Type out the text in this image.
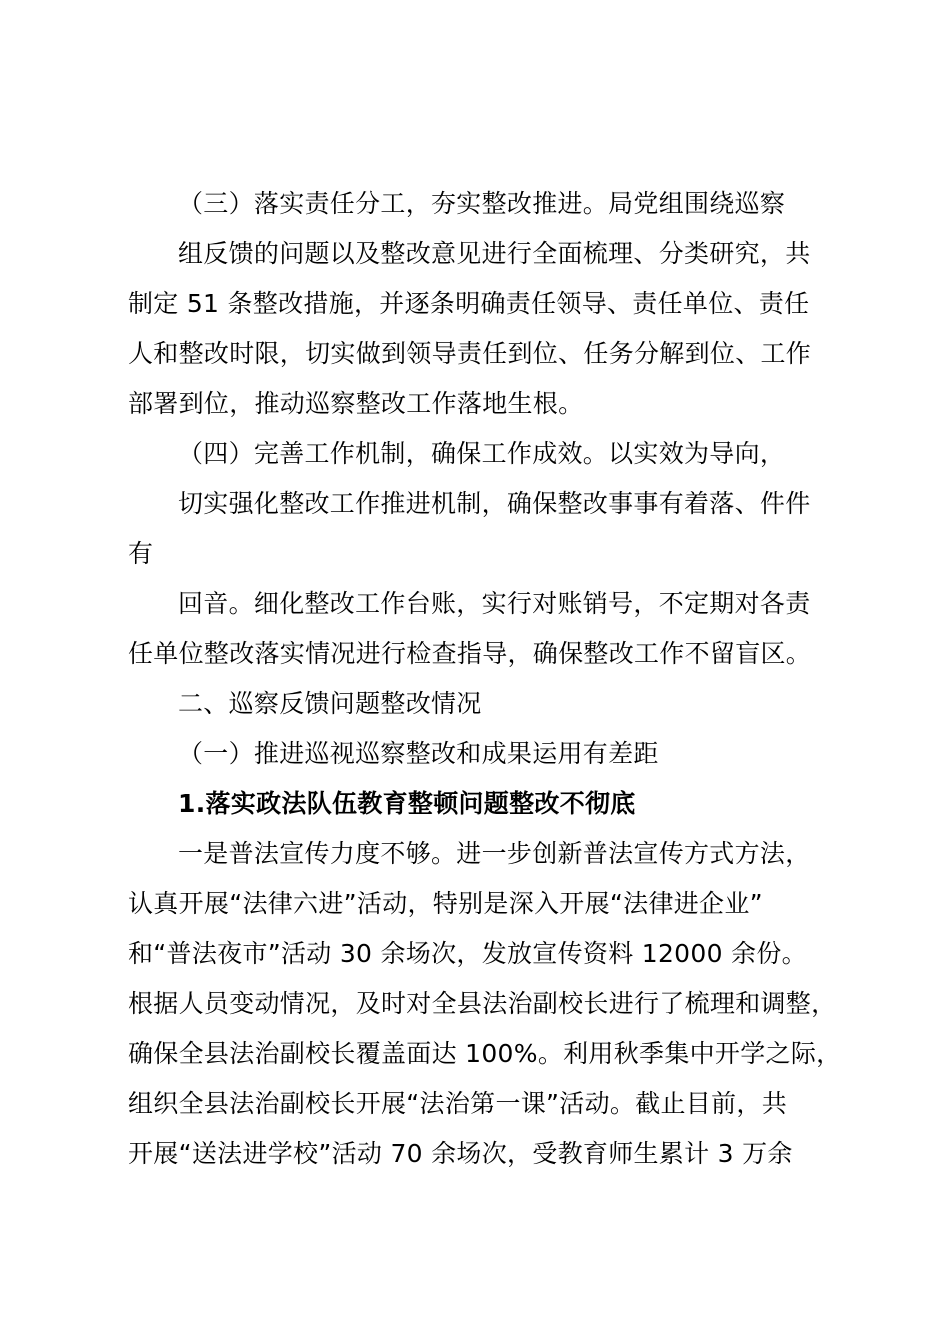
（三）落实责任分工，夯实整改推进。局党组围绕巡察
组反馈的问题以及整改意见进行全面梳理、分类研究，共
制定 51 条整改措施，并逐条明确责任领导、责任单位、责任
人和整改时限，切实做到领导责任到位、任务分解到位、工作
部署到位，推动巡察整改工作落地生根。
（四）完善工作机制，确保工作成效。以实效为导向，
切实强化整改工作推进机制，确保整改事事有着落、件件
有
回音。细化整改工作台账，实行对账销号，不定期对各责
任单位整改落实情况进行检查指导，确保整改工作不留盲区。
二、巡察反馈问题整改情况
（一）推进巡视巡察整改和成果运用有差距
1.落实政法队伍教育整顿问题整改不彻底
一是普法宣传力度不够。进一步创新普法宣传方式方法，
认真开展“法律六进”活动，特别是深入开展“法律进企业”
和“普法夜市”活动 30 余场次，发放宣传资料 12000 余份。
根据人员变动情况，及时对全县法治副校长进行了梳理和调整，
确保全县法治副校长覆盖面达 100%。利用秋季集中开学之际，
组织全县法治副校长开展“法治第一课”活动。截止目前，共
开展“送法进学校”活动 70 余场次，受教育师生累计 3 万余
